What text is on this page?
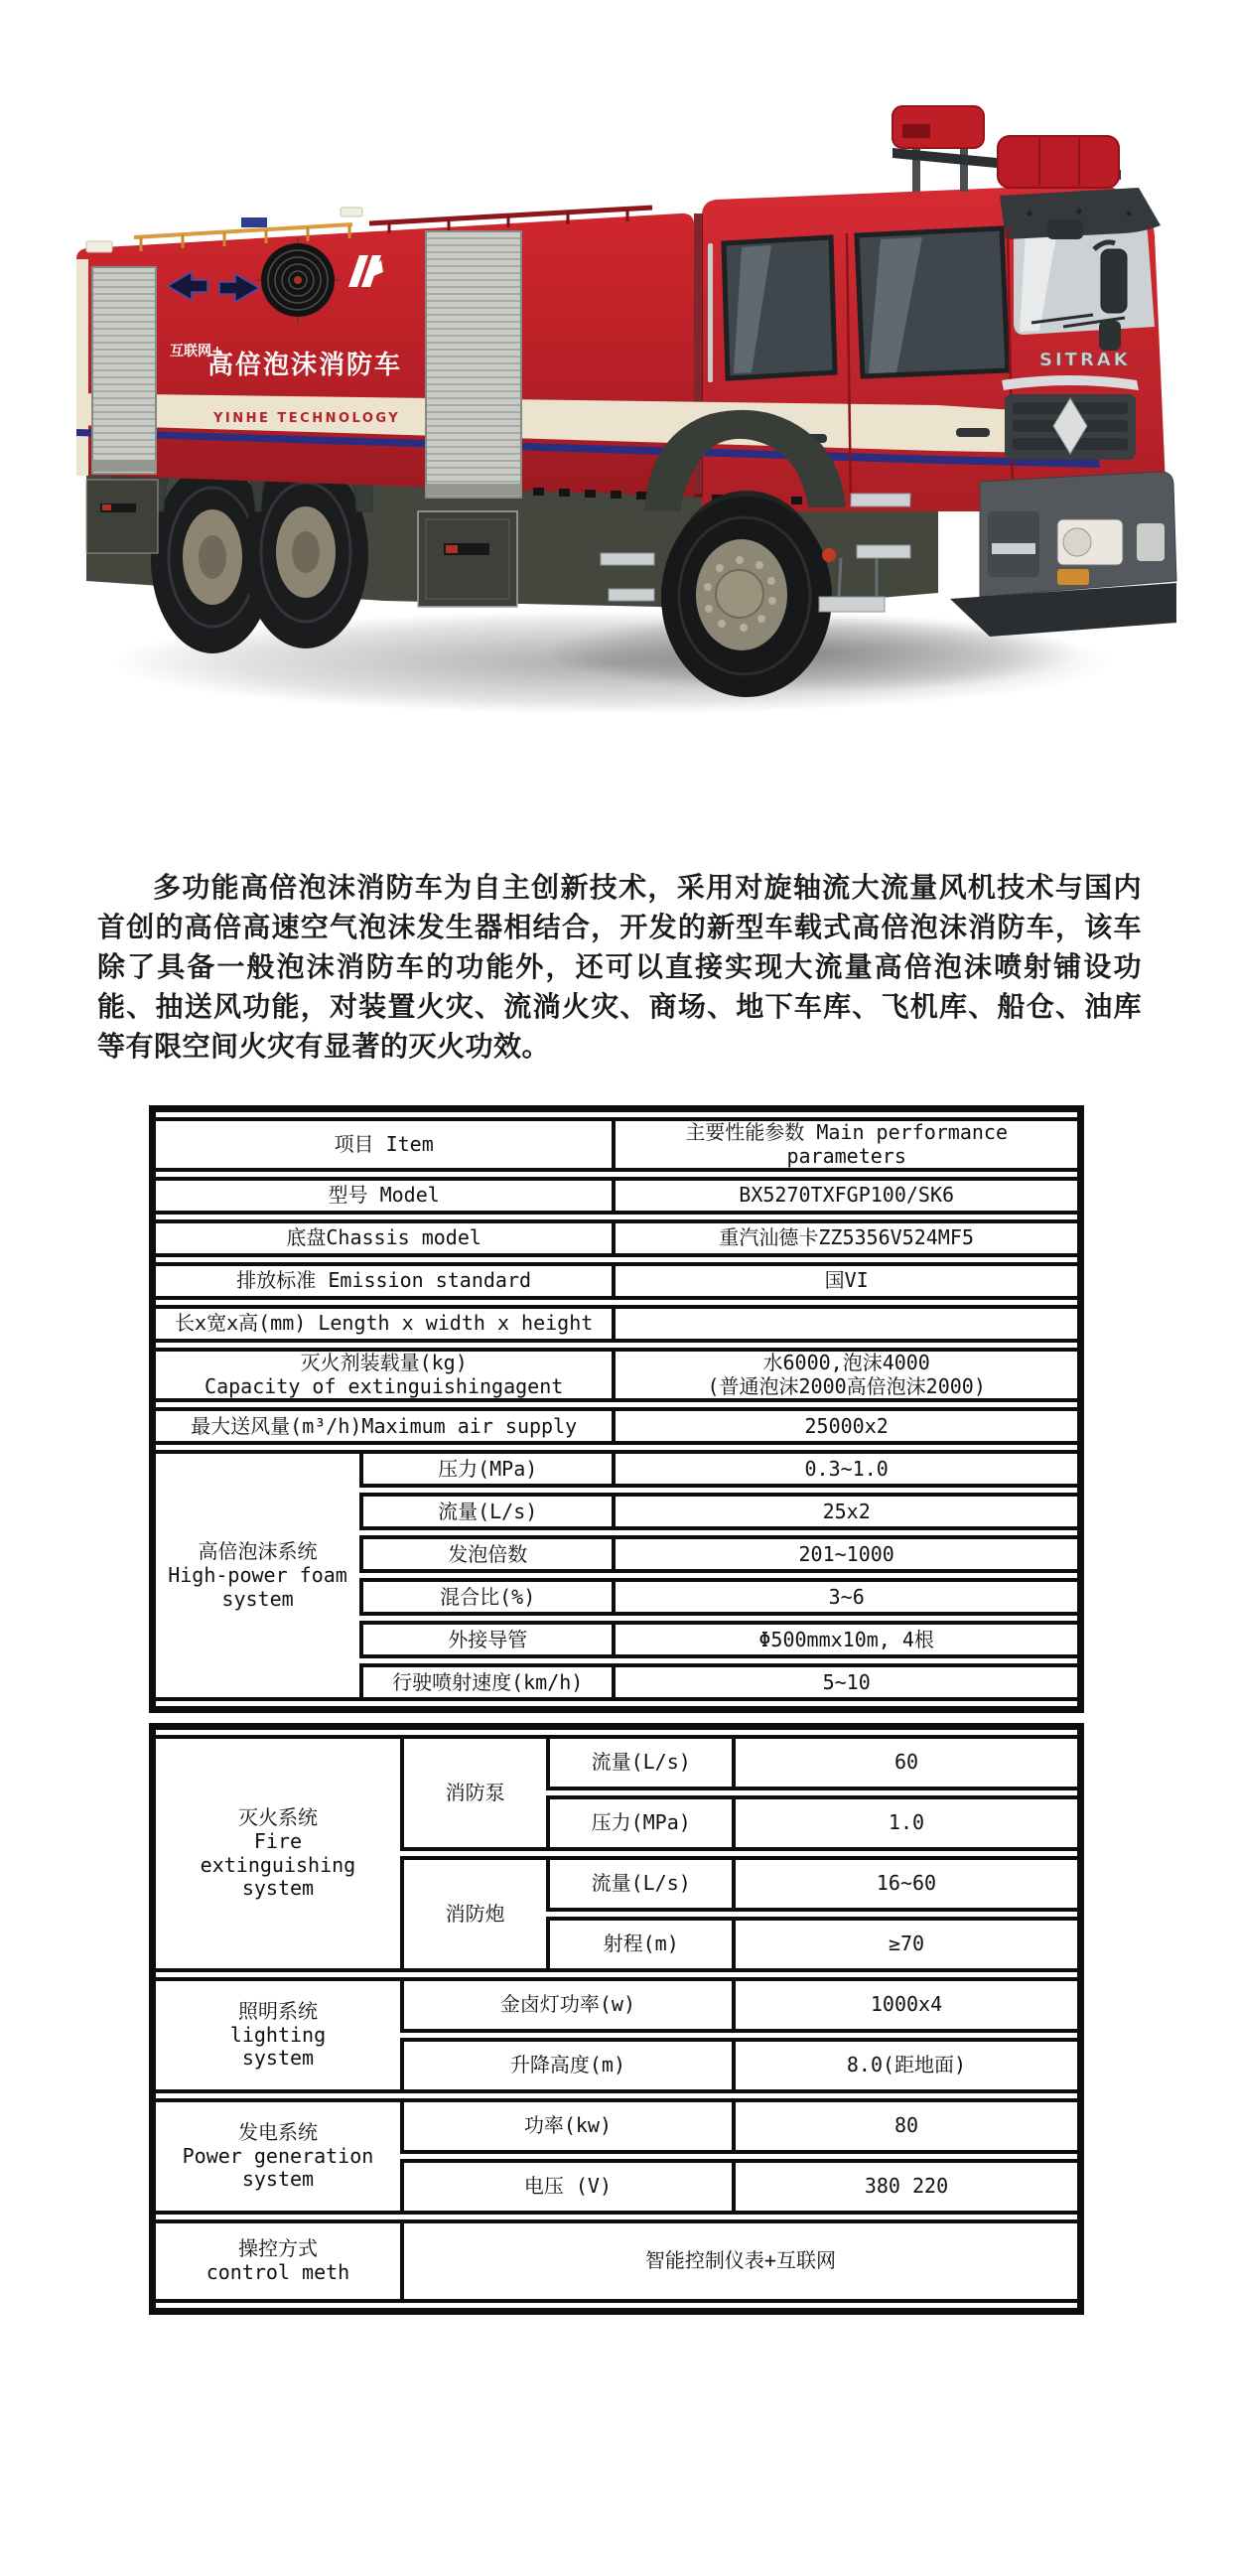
互联网+
高倍泡沫消防车
YINHE TECHNOLOGY
SITRAK

多功能高倍泡沫消防车为自主创新技术，采用对旋轴流大流量风机技术与国内首创的高倍高速空气泡沫发生器相结合，开发的新型车载式高倍泡沫消防车，该车除了具备一般泡沫消防车的功能外，还可以直接实现大流量高倍泡沫喷射铺设功能、抽送风功能，对装置火灾、流淌火灾、商场、地下车库、飞机库、船仓、油库等有限空间火灾有显著的灭火功效。

项目 Item		主要性能参数 Main performance parameters
型号 Model		BX5270TXFGP100/SK6
底盘Chassis model		重汽汕德卡ZZ5356V524MF5
排放标准 Emission standard		国VI
长x宽x高(mm) Length x width x height		

灭火剂装载量(kg)
Capacity of extinguishingagent		水6000,泡沫4000
(普通泡沫2000高倍泡沫2000)

最大送风量(m³/h)Maximum air supply		25000x2

高倍泡沫系统
High-power foam
system	压力(MPa)	0.3~1.0
	流量(L/s)	25x2
	发泡倍数	201~1000
	混合比(%)	3~6
	外接导管	Φ500mmx10m, 4根
	行驶喷射速度(km/h)	5~10
灭火系统
Fire
extinguishing
system	消防泵	流量(L/s)	60
		压力(MPa)	1.0
	消防炮	流量(L/s)	16~60
		射程(m)	≥70

照明系统
lighting
system	金卤灯功率(w)		1000x4
	升降高度(m)		8.0(距地面)

发电系统
Power generation
system	功率(kw)		80
	电压 (V)		380 220

操控方式
control meth	智能控制仪表+互联网		
